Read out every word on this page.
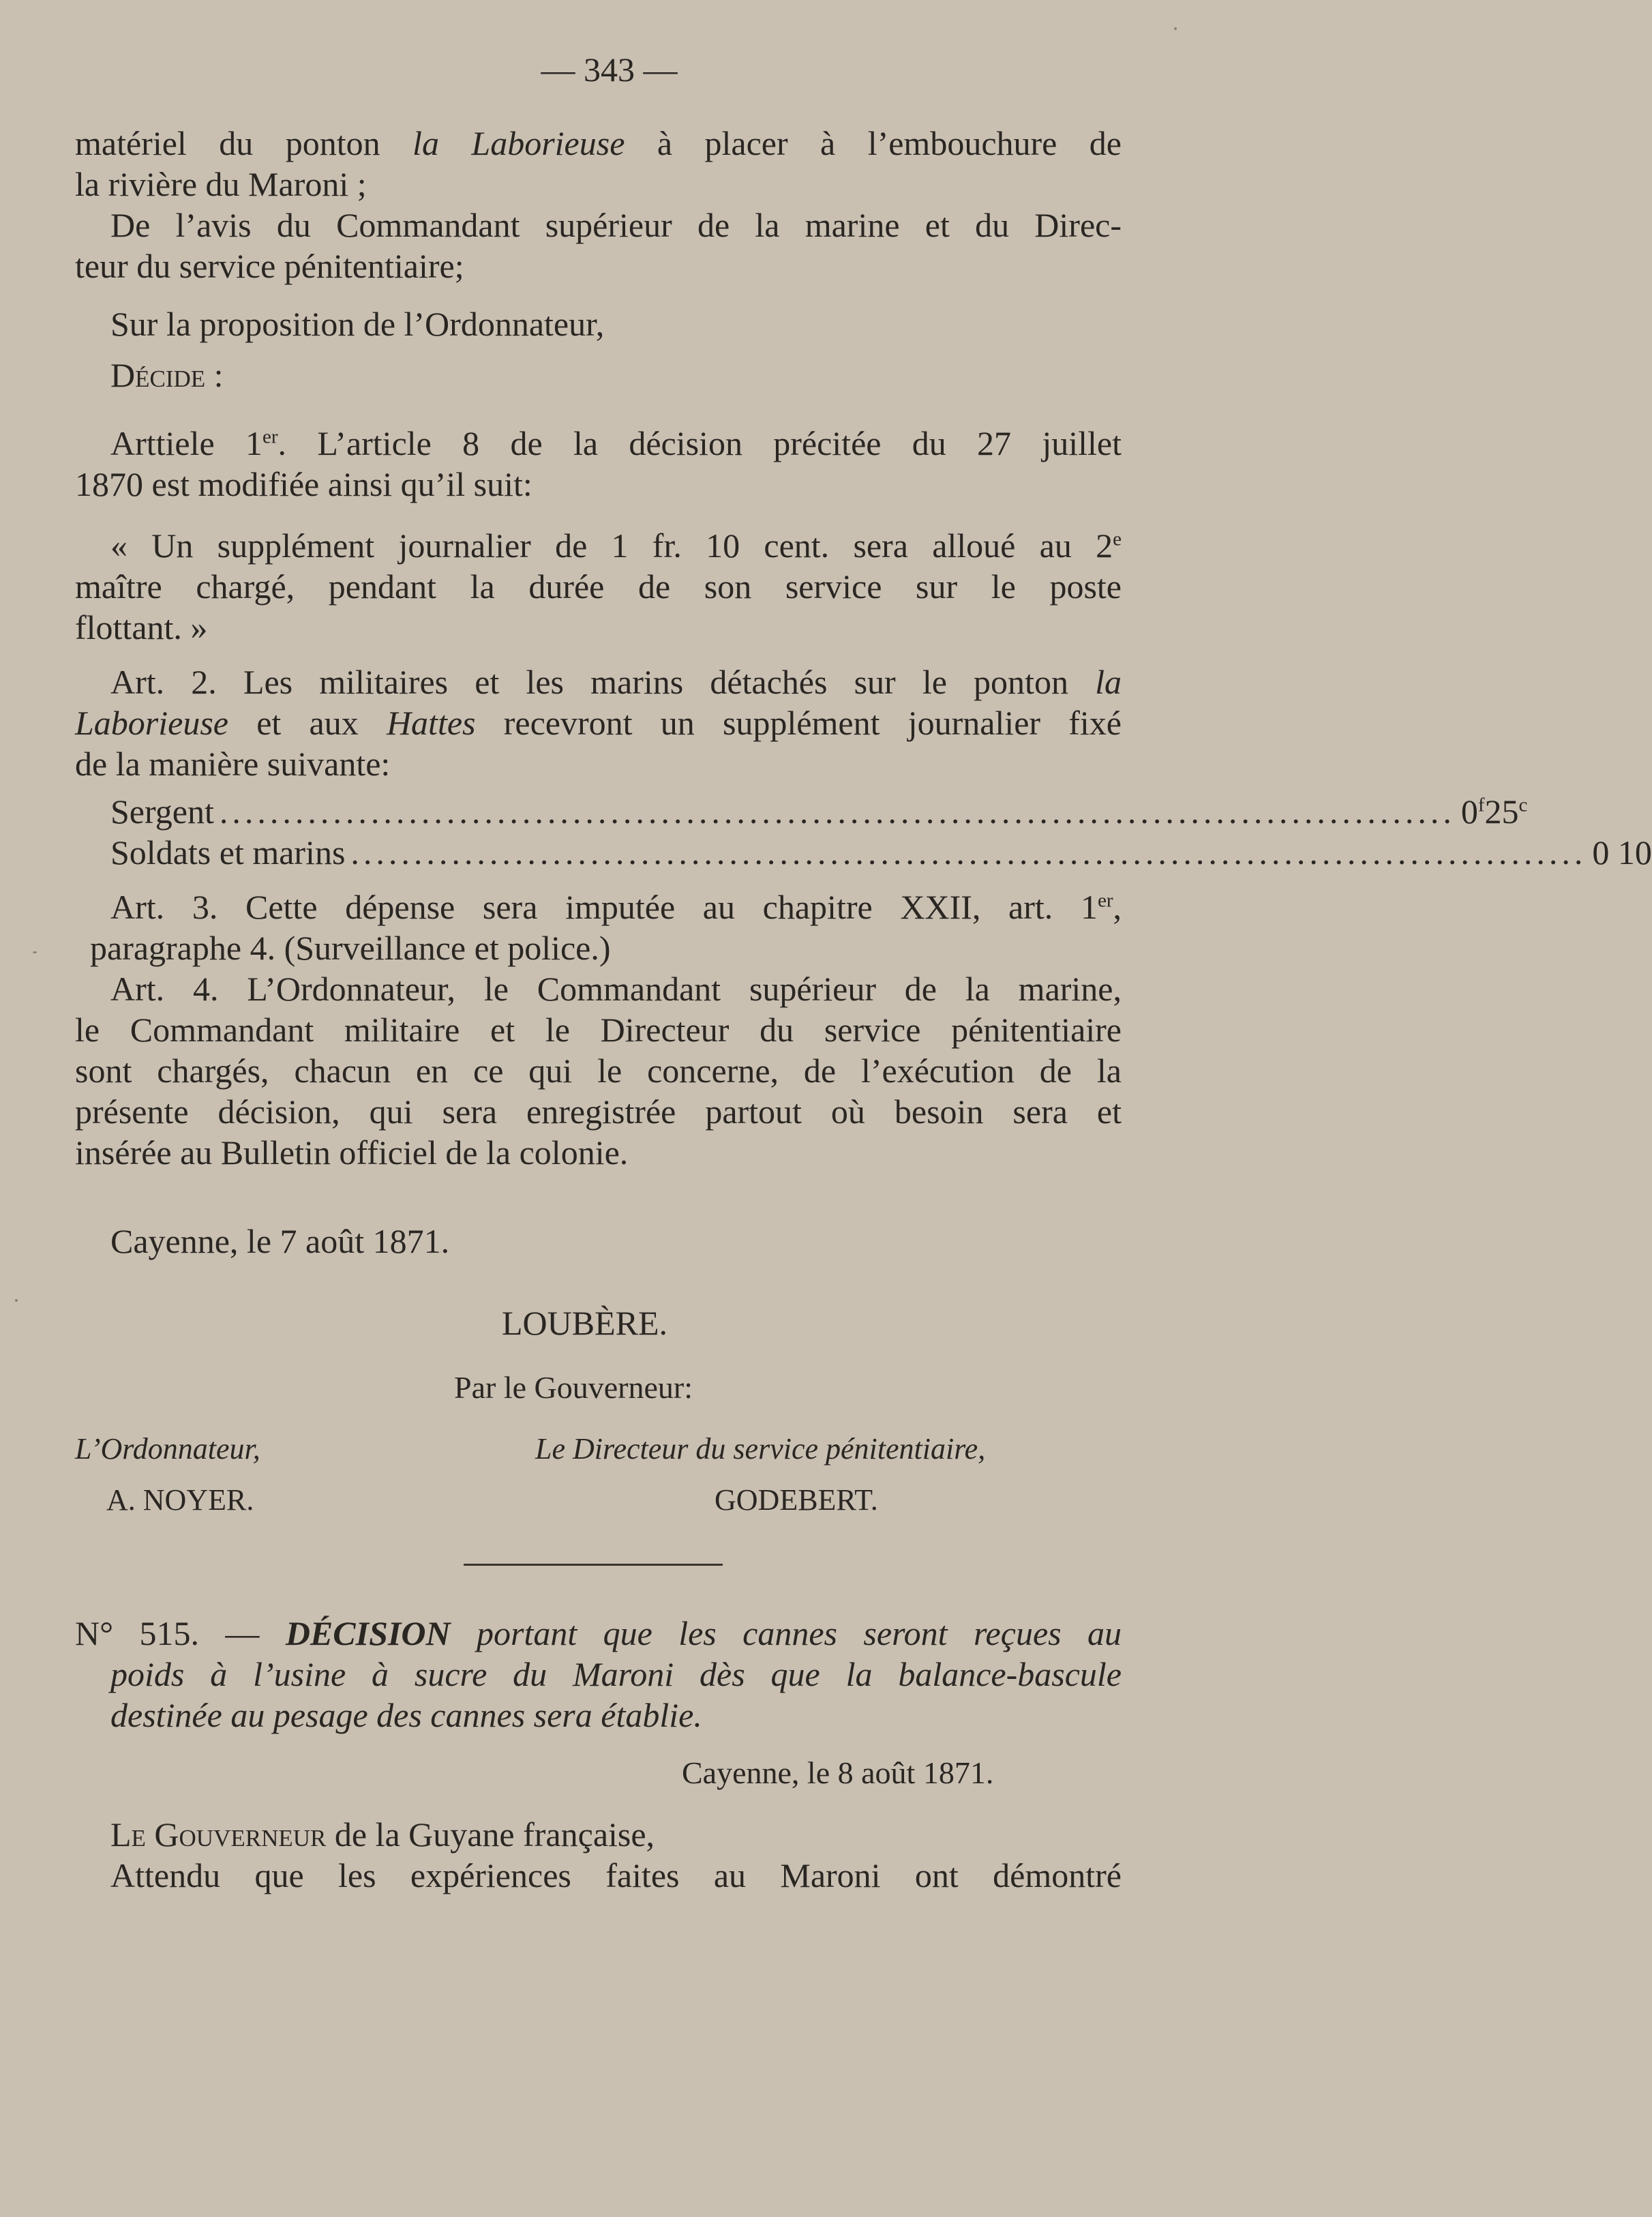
— 343 —
matériel du ponton la Laborieuse à placer à l’embouchure de
la rivière du Maroni ;
De l’avis du Commandant supérieur de la marine et du Direc-
teur du service pénitentiaire;
Sur la proposition de l’Ordonnateur,
Décide :
Arttiele 1er. L’article 8 de la décision précitée du 27 juillet
1870 est modifiée ainsi qu’il suit:
« Un supplément journalier de 1 fr. 10 cent. sera alloué au 2e
maître chargé, pendant la durée de son service sur le poste
flottant. »
Art. 2. Les militaires et les marins détachés sur le ponton la
Laborieuse et aux Hattes recevront un supplément journalier fixé
de la manière suivante:
Sergent .................................................................................................. 0$^f$25$^c$
Soldats et marins .................................................................................................. 0 10
Art. 3. Cette dépense sera imputée au chapitre XXII, art. 1er,
paragraphe 4. (Surveillance et police.)
Art. 4. L’Ordonnateur, le Commandant supérieur de la marine,
le Commandant militaire et le Directeur du service pénitentiaire
sont chargés, chacun en ce qui le concerne, de l’exécution de la
présente décision, qui sera enregistrée partout où besoin sera et
insérée au Bulletin officiel de la colonie.
Cayenne, le 7 août 1871.
LOUBÈRE.
Par le Gouverneur:
L’Ordonnateur,	Le Directeur du service pénitentiaire,
A. NOYER.	GODEBERT.
N° 515. — DÉCISION portant que les cannes seront reçues au
poids à l’usine à sucre du Maroni dès que la balance-bascule
destinée au pesage des cannes sera établie.
Cayenne, le 8 août 1871.
Le Gouverneur de la Guyane française,
Attendu que les expériences faites au Maroni ont démontré
